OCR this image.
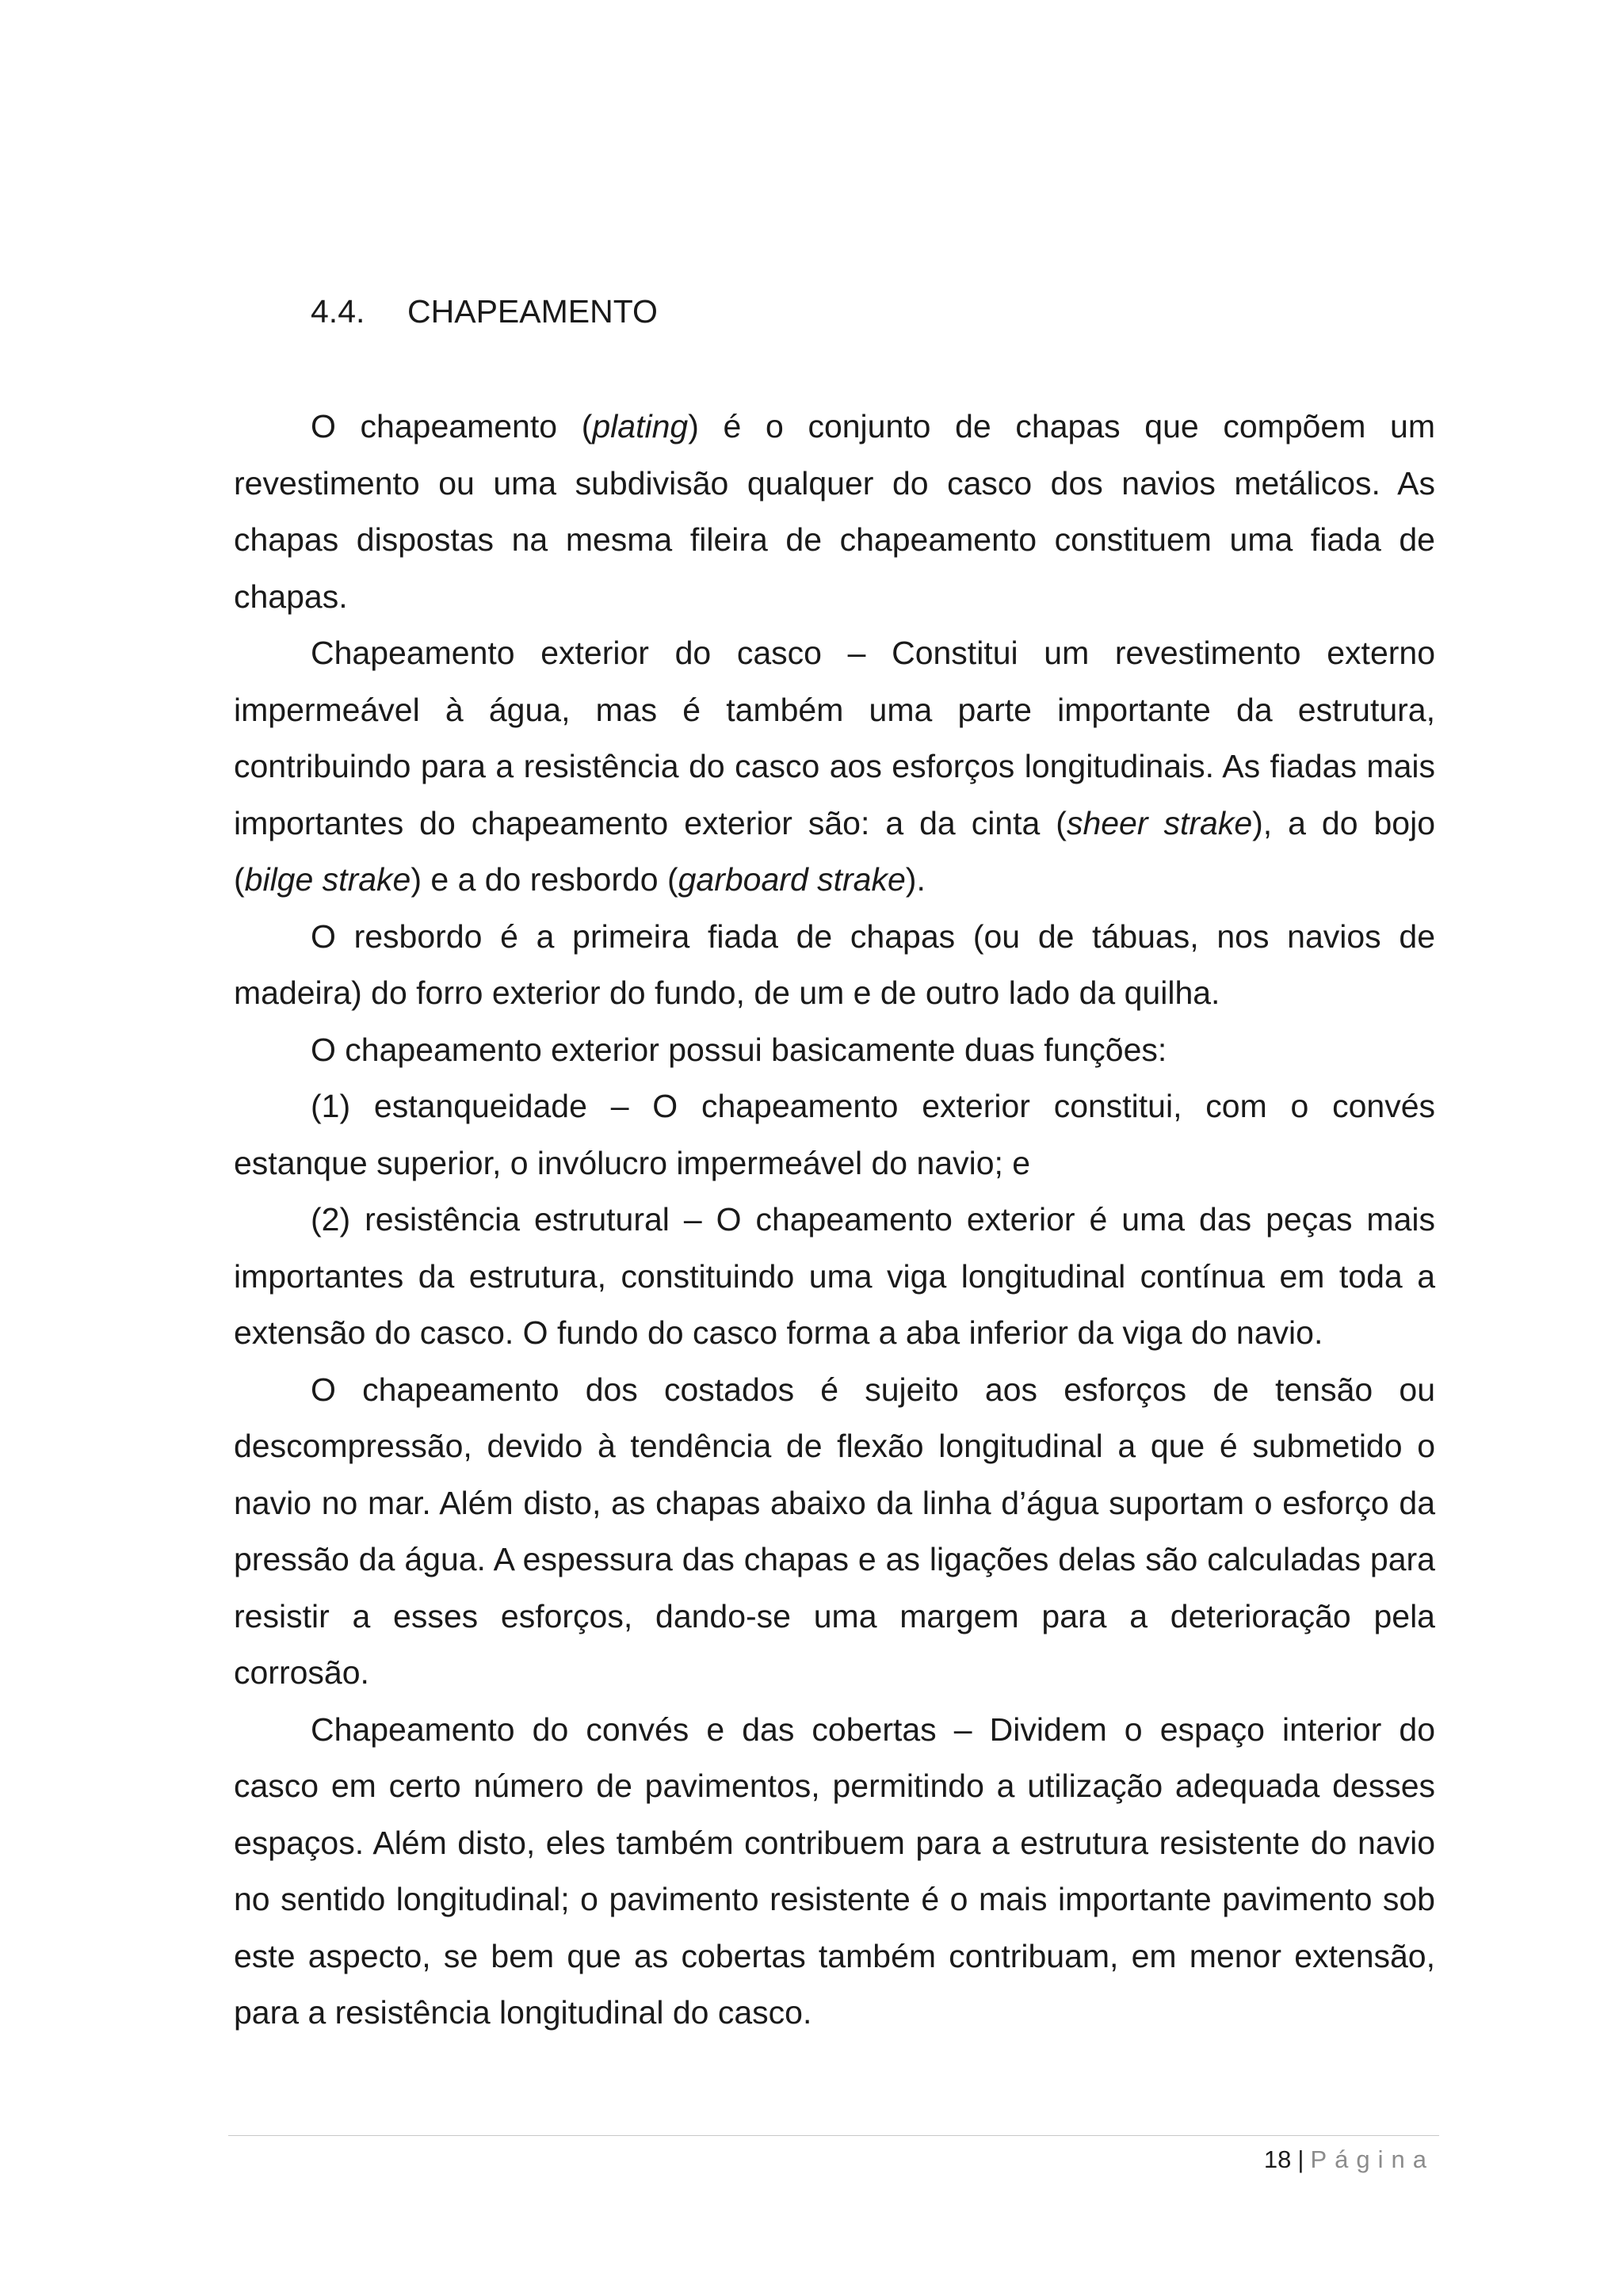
4.4. CHAPEAMENTO

O chapeamento (plating) é o conjunto de chapas que compõem um revestimento ou uma subdivisão qualquer do casco dos navios metálicos. As chapas dispostas na mesma fileira de chapeamento constituem uma fiada de chapas.

Chapeamento exterior do casco – Constitui um revestimento externo impermeável à água, mas é também uma parte importante da estrutura, contribuindo para a resistência do casco aos esforços longitudinais. As fiadas mais importantes do chapeamento exterior são: a da cinta (sheer strake), a do bojo (bilge strake) e a do resbordo (garboard strake).

O resbordo é a primeira fiada de chapas (ou de tábuas, nos navios de madeira) do forro exterior do fundo, de um e de outro lado da quilha.

O chapeamento exterior possui basicamente duas funções:

(1) estanqueidade – O chapeamento exterior constitui, com o convés estanque superior, o invólucro impermeável do navio; e

(2) resistência estrutural – O chapeamento exterior é uma das peças mais importantes da estrutura, constituindo uma viga longitudinal contínua em toda a extensão do casco. O fundo do casco forma a aba inferior da viga do navio.

O chapeamento dos costados é sujeito aos esforços de tensão ou descompressão, devido à tendência de flexão longitudinal a que é submetido o navio no mar. Além disto, as chapas abaixo da linha d’água suportam o esforço da pressão da água. A espessura das chapas e as ligações delas são calculadas para resistir a esses esforços, dando-se uma margem para a deterioração pela corrosão.

Chapeamento do convés e das cobertas – Dividem o espaço interior do casco em certo número de pavimentos, permitindo a utilização adequada desses espaços. Além disto, eles também contribuem para a estrutura resistente do navio no sentido longitudinal; o pavimento resistente é o mais importante pavimento sob este aspecto, se bem que as cobertas também contribuam, em menor extensão, para a resistência longitudinal do casco.

18 | Página
